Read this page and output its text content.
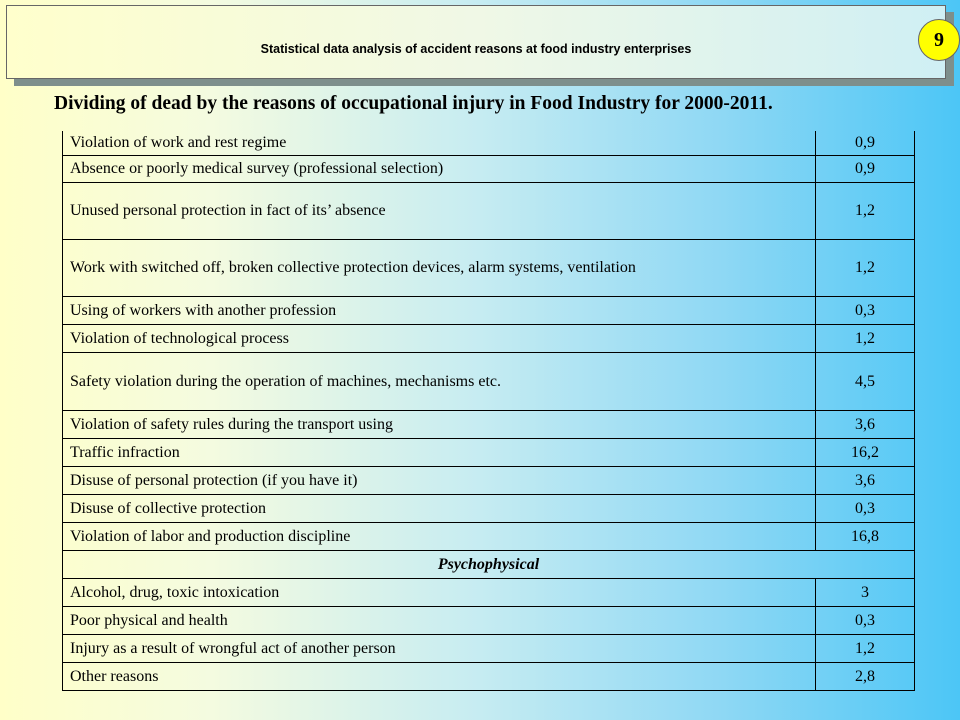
Statistical data analysis of accident reasons at food industry enterprises	9
Dividing of dead by the reasons of occupational injury in Food Industry for 2000-2011.
Violation of work and rest regime	0,9
Absence or poorly medical survey (professional selection)	0,9
Unused personal protection in fact of its’ absence	1,2
Work with switched off, broken collective protection devices, alarm systems, ventilation	1,2
Using of workers with another profession	0,3
Violation of technological process	1,2
Safety violation during the operation of machines, mechanisms etc.	4,5
Violation of safety rules during the transport using	3,6
Traffic infraction	16,2
Disuse of personal protection (if you have it)	3,6
Disuse of collective protection	0,3
Violation of labor and production discipline	16,8
Psychophysical	
Alcohol, drug, toxic intoxication	3
Poor physical and health	0,3
Injury as a result of wrongful act of another person	1,2
Other reasons	2,8
